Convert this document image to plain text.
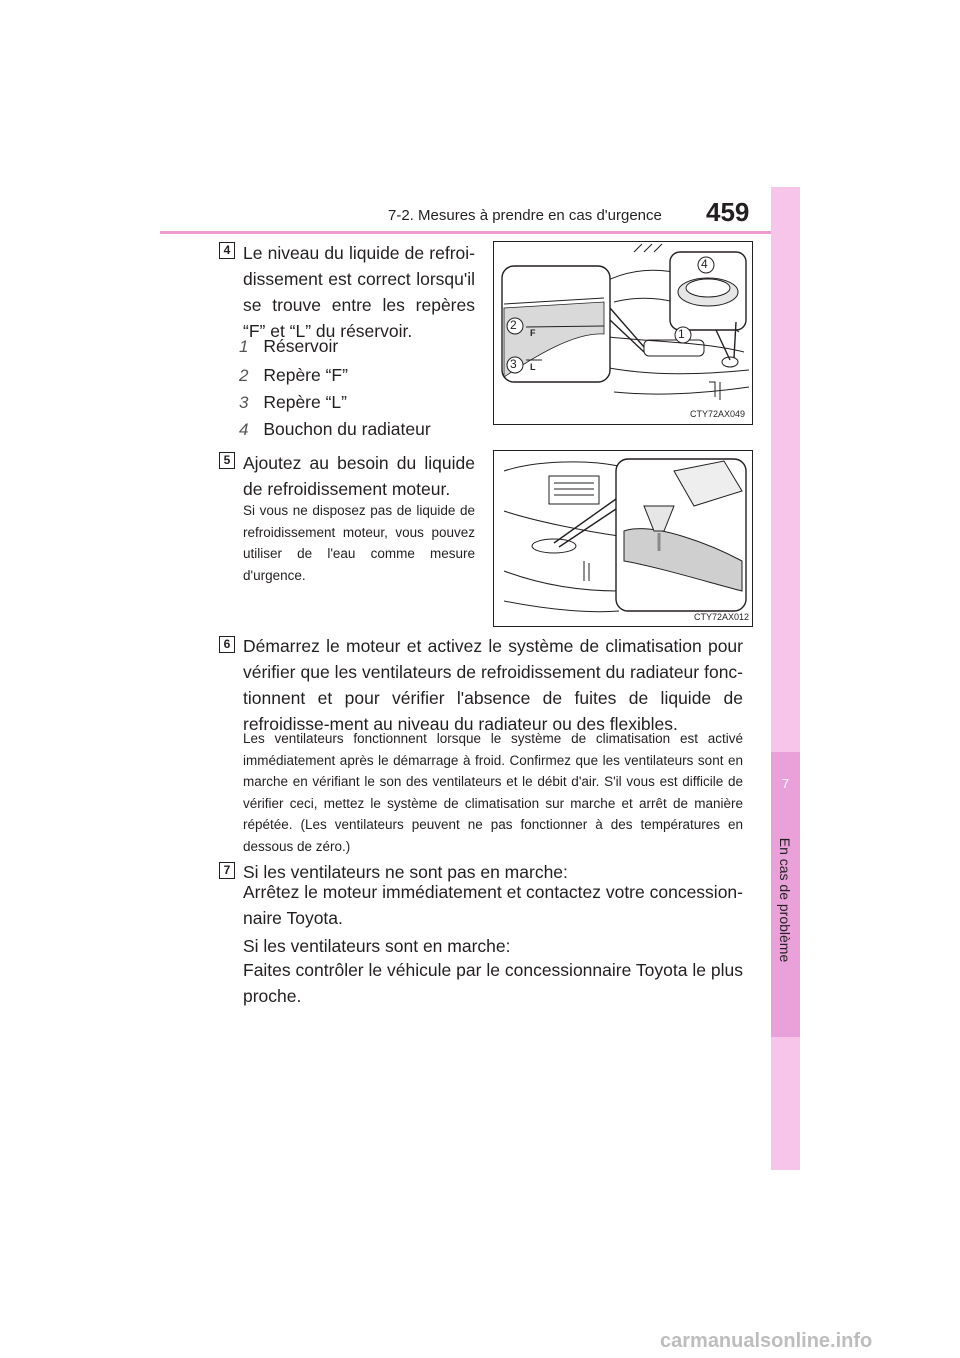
7-2. Mesures à prendre en cas d'urgence 459
7
En cas de problème
4 Le niveau du liquide de refroi-dissement est correct lorsqu'il se trouve entre les repères “F” et “L” du réservoir.
1 Réservoir
2 Repère “F”
3 Repère “L”
4 Bouchon du radiateur
2
3
1
4
F
L
CTY72AX049
5 Ajoutez au besoin du liquide de refroidissement moteur.
Si vous ne disposez pas de liquide de refroidissement moteur, vous pouvez utiliser de l'eau comme mesure d'urgence.
CTY72AX012
6 Démarrez le moteur et activez le système de climatisation pour vérifier que les ventilateurs de refroidissement du radiateur fonc-tionnent et pour vérifier l'absence de fuites de liquide de refroidisse-ment au niveau du radiateur ou des flexibles.
Les ventilateurs fonctionnent lorsque le système de climatisation est activé immédiatement après le démarrage à froid. Confirmez que les ventilateurs sont en marche en vérifiant le son des ventilateurs et le débit d'air. S'il vous est difficile de vérifier ceci, mettez le système de climatisation sur marche et arrêt de manière répétée. (Les ventilateurs peuvent ne pas fonctionner à des températures en dessous de zéro.)
7 Si les ventilateurs ne sont pas en marche:
Arrêtez le moteur immédiatement et contactez votre concession-naire Toyota.
Si les ventilateurs sont en marche:
Faites contrôler le véhicule par le concessionnaire Toyota le plus proche.
carmanualsonline.info
